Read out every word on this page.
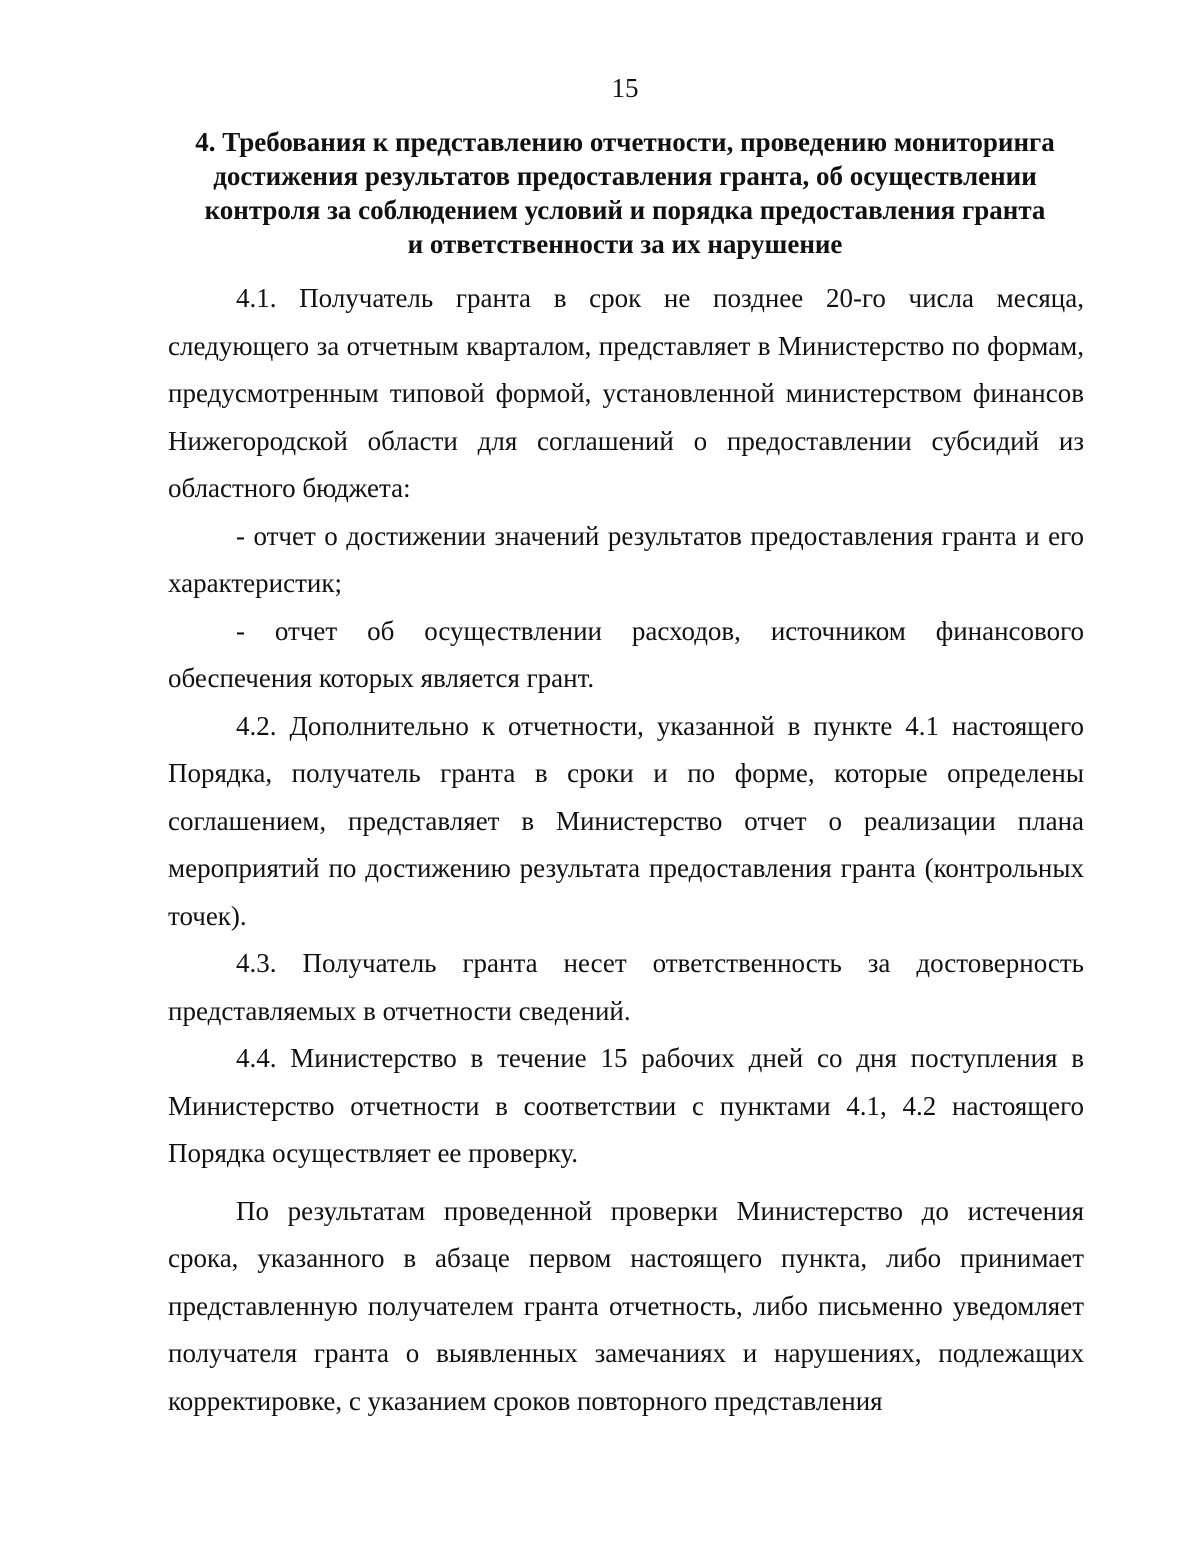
15
4. Требования к представлению отчетности, проведению мониторинга
достижения результатов предоставления гранта, об осуществлении
контроля за соблюдением условий и порядка предоставления гранта
и ответственности за их нарушение

4.1. Получатель гранта в срок не позднее 20-го числа месяца, следующего за отчетным кварталом, представляет в Министерство по формам, предусмотренным типовой формой, установленной министерством финансов Нижегородской области для соглашений о предоставлении субсидий из областного бюджета:

- отчет о достижении значений результатов предоставления гранта и его характеристик;

- отчет об осуществлении расходов, источником финансового обеспечения которых является грант.

4.2. Дополнительно к отчетности, указанной в пункте 4.1 настоящего Порядка, получатель гранта в сроки и по форме, которые определены соглашением, представляет в Министерство отчет о реализации плана мероприятий по достижению результата предоставления гранта (контрольных точек).

4.3. Получатель гранта несет ответственность за достоверность представляемых в отчетности сведений.

4.4. Министерство в течение 15 рабочих дней со дня поступления в Министерство отчетности в соответствии с пунктами 4.1, 4.2 настоящего Порядка осуществляет ее проверку.

По результатам проведенной проверки Министерство до истечения срока, указанного в абзаце первом настоящего пункта, либо принимает представленную получателем гранта отчетность, либо письменно уведомляет получателя гранта о выявленных замечаниях и нарушениях, подлежащих корректировке, с указанием сроков повторного представления
